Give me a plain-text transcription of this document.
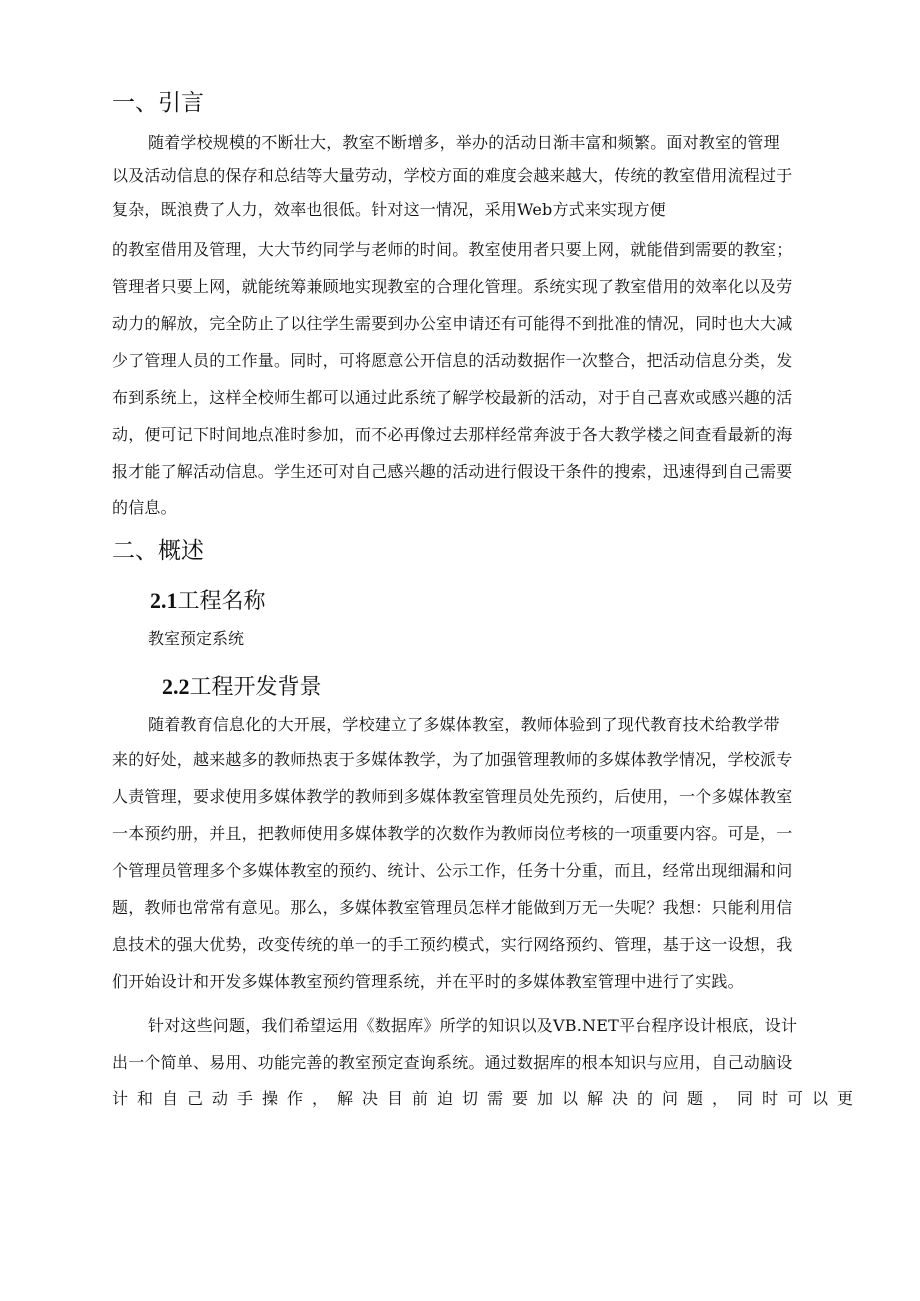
一、引言
随着学校规模的不断壮大，教室不断增多，举办的活动日渐丰富和频繁。面对教室的管理
以及活动信息的保存和总结等大量劳动，学校方面的难度会越来越大，传统的教室借用流程过于
复杂，既浪费了人力，效率也很低。针对这一情况，采用Web方式来实现方便
的教室借用及管理，大大节约同学与老师的时间。教室使用者只要上网，就能借到需要的教室；
管理者只要上网，就能统筹兼顾地实现教室的合理化管理。系统实现了教室借用的效率化以及劳
动力的解放，完全防止了以往学生需要到办公室申请还有可能得不到批准的情况，同时也大大减
少了管理人员的工作量。同时，可将愿意公开信息的活动数据作一次整合，把活动信息分类，发
布到系统上，这样全校师生都可以通过此系统了解学校最新的活动，对于自己喜欢或感兴趣的活
动，便可记下时间地点准时参加，而不必再像过去那样经常奔波于各大教学楼之间查看最新的海
报才能了解活动信息。学生还可对自己感兴趣的活动进行假设干条件的搜索，迅速得到自己需要
的信息。
二、概述
2.1工程名称
教室预定系统
2.2工程开发背景
随着教育信息化的大开展，学校建立了多媒体教室，教师体验到了现代教育技术给教学带
来的好处，越来越多的教师热衷于多媒体教学，为了加强管理教师的多媒体教学情况，学校派专
人责管理，要求使用多媒体教学的教师到多媒体教室管理员处先预约，后使用，一个多媒体教室
一本预约册，并且，把教师使用多媒体教学的次数作为教师岗位考核的一项重要内容。可是，一
个管理员管理多个多媒体教室的预约、统计、公示工作，任务十分重，而且，经常出现细漏和问
题，教师也常常有意见。那么，多媒体教室管理员怎样才能做到万无一失呢？我想：只能利用信
息技术的强大优势，改变传统的单一的手工预约模式，实行网络预约、管理，基于这一设想，我
们开始设计和开发多媒体教室预约管理系统，并在平时的多媒体教室管理中进行了实践。
针对这些问题，我们希望运用《数据库》所学的知识以及VB.NET平台程序设计根底，设计
出一个简单、易用、功能完善的教室预定查询系统。通过数据库的根本知识与应用，自己动脑设
计和自己动手操作，解决目前迫切需要加以解决的问题，同时可以更
